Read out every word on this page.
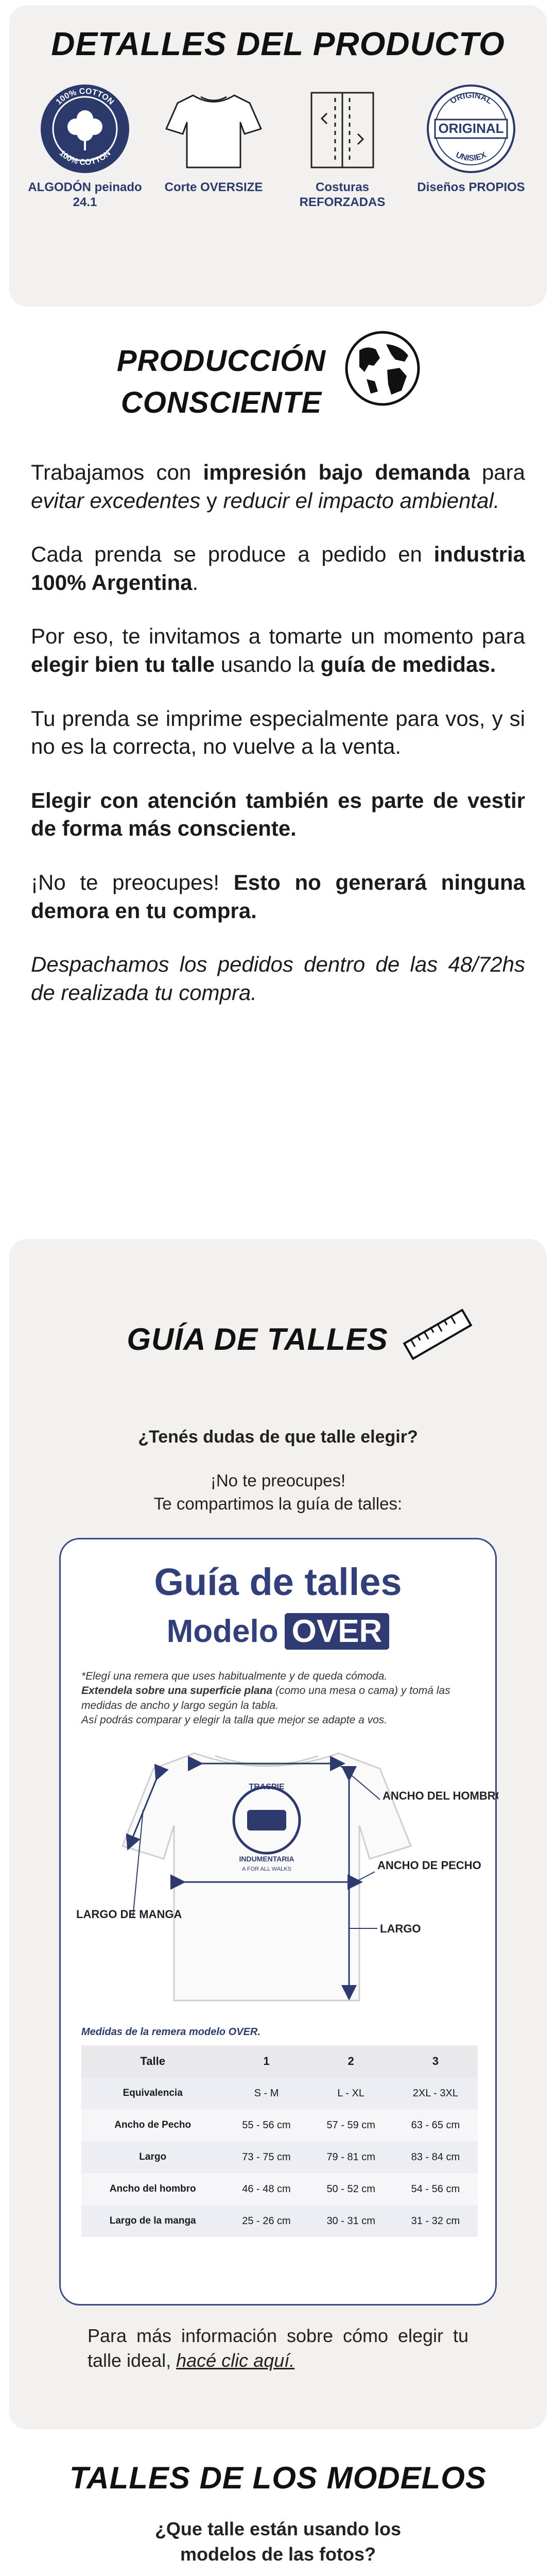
DETALLES DEL PRODUCTO
100% COTTON
100% COTTON
ALGODÓN peinado 24.1
Corte OVERSIZE	Costuras REFORZADAS
ORIGINAL
UNISIEX
ORIGINAL
Diseños PROPIOS
PRODUCCIÓN
CONSCIENTE

Trabajamos con impresión bajo demanda para evitar excedentes y reducir el impacto ambiental.

Cada prenda se produce a pedido en industria 100% Argentina.

Por eso, te invitamos a tomarte un momento para elegir bien tu talle usando la guía de medidas.

Tu prenda se imprime especialmente para vos, y si no es la correcta, no vuelve a la venta.

Elegir con atención también es parte de vestir de forma más consciente.

¡No te preocupes! Esto no generará ninguna demora en tu compra.

Despachamos los pedidos dentro de las 48/72hs de realizada tu compra.

GUÍA DE TALLES
¿Tenés dudas de que talle elegir?
¡No te preocupes!
Te compartimos la guía de talles:
Guía de talles
Modelo OVER
*Elegí una remera que uses habitualmente y de queda cómoda.
Extendela sobre una superficie plana (como una mesa o cama) y tomá las medidas de ancho y largo según la tabla.
Así podrás comparar y elegir la talla que mejor se adapte a vos.
TRASPIE
INDUMENTARIA
A FOR ALL WALKS
ANCHO DEL HOMBRO
ANCHO DE PECHO
LARGO
LARGO DE MANGA
Medidas de la remera modelo OVER.
Talle	1	2	3
Equivalencia	S - M	L - XL	2XL - 3XL
Ancho de Pecho	55 - 56 cm	57 - 59 cm	63 - 65 cm
Largo	73 - 75 cm	79 - 81 cm	83 - 84 cm
Ancho del hombro	46 - 48 cm	50 - 52 cm	54 - 56 cm
Largo de la manga	25 - 26 cm	30 - 31 cm	31 - 32 cm
Para más información sobre cómo elegir tu talle ideal, hacé clic aquí.
TALLES DE LOS MODELOS
¿Que talle están usando los
modelos de las fotos?
